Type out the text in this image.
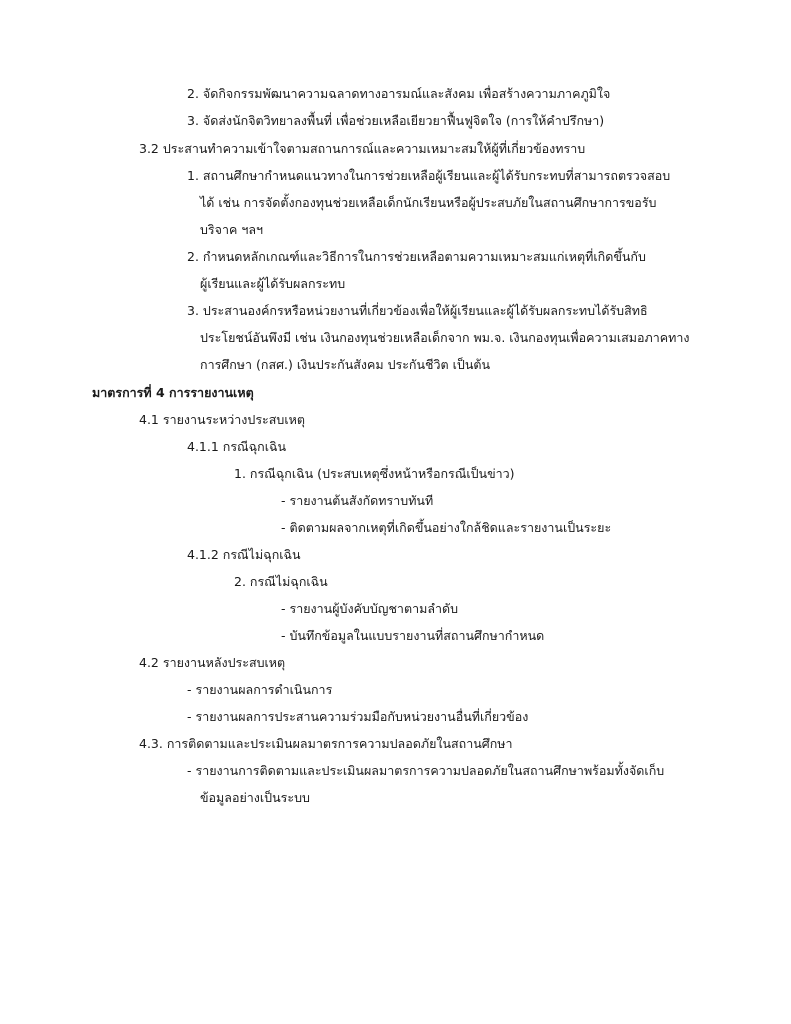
2. จัดกิจกรรมพัฒนาความฉลาดทางอารมณ์และสังคม เพื่อสร้างความภาคภูมิใจ
3. จัดส่งนักจิตวิทยาลงพื้นที่ เพื่อช่วยเหลือเยียวยาฟื้นฟูจิตใจ (การให้คำปรึกษา)
3.2 ประสานทำความเข้าใจตามสถานการณ์และความเหมาะสมให้ผู้ที่เกี่ยวข้องทราบ
1. สถานศึกษากำหนดแนวทางในการช่วยเหลือผู้เรียนและผู้ได้รับกระทบที่สามารถตรวจสอบ
ได้ เช่น การจัดตั้งกองทุนช่วยเหลือเด็กนักเรียนหรือผู้ประสบภัยในสถานศึกษาการขอรับ
บริจาค ฯลฯ
2. กำหนดหลักเกณฑ์และวิธีการในการช่วยเหลือตามความเหมาะสมแก่เหตุที่เกิดขึ้นกับ
ผู้เรียนและผู้ได้รับผลกระทบ
3. ประสานองค์กรหรือหน่วยงานที่เกี่ยวข้องเพื่อให้ผู้เรียนและผู้ได้รับผลกระทบได้รับสิทธิ
ประโยชน์อันพึงมี เช่น เงินกองทุนช่วยเหลือเด็กจาก พม.จ. เงินกองทุนเพื่อความเสมอภาคทาง
การศึกษา (กสศ.) เงินประกันสังคม ประกันชีวิต เป็นต้น
มาตรการที่ 4 การรายงานเหตุ
4.1 รายงานระหว่างประสบเหตุ
4.1.1 กรณีฉุกเฉิน
1. กรณีฉุกเฉิน (ประสบเหตุซึ่งหน้าหรือกรณีเป็นข่าว)
- รายงานต้นสังกัดทราบทันที
- ติดตามผลจากเหตุที่เกิดขึ้นอย่างใกล้ชิดและรายงานเป็นระยะ
4.1.2 กรณีไม่ฉุกเฉิน
2. กรณีไม่ฉุกเฉิน
- รายงานผู้บังคับบัญชาตามลำดับ
- บันทึกข้อมูลในแบบรายงานที่สถานศึกษากำหนด
4.2 รายงานหลังประสบเหตุ
- รายงานผลการดำเนินการ
- รายงานผลการประสานความร่วมมือกับหน่วยงานอื่นที่เกี่ยวข้อง
4.3. การติดตามและประเมินผลมาตรการความปลอดภัยในสถานศึกษา
- รายงานการติดตามและประเมินผลมาตรการความปลอดภัยในสถานศึกษาพร้อมทั้งจัดเก็บ
ข้อมูลอย่างเป็นระบบ
